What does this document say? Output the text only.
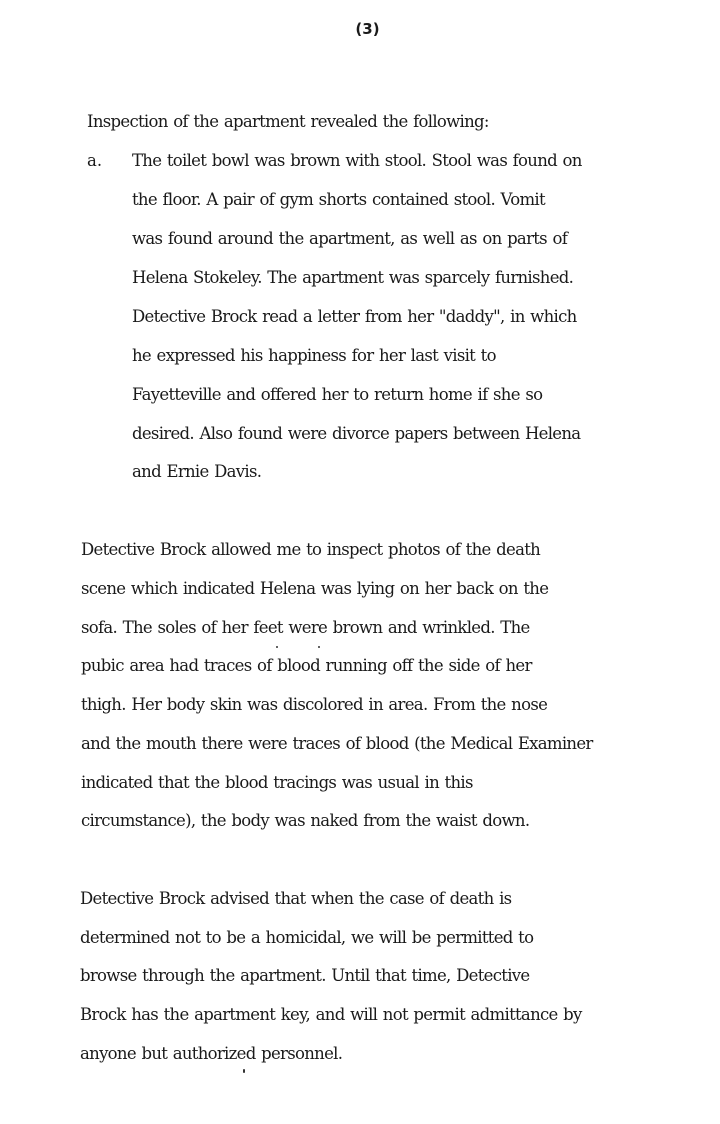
(3)
Inspection of the apartment revealed the following:
a. The toilet bowl was brown with stool. Stool was found on
the floor. A pair of gym shorts contained stool. Vomit
was found around the apartment, as well as on parts of
Helena Stokeley. The apartment was sparcely furnished.
Detective Brock read a letter from her "daddy", in which
he expressed his happiness for her last visit to
Fayetteville and offered her to return home if she so
desired. Also found were divorce papers between Helena
and Ernie Davis.
Detective Brock allowed me to inspect photos of the death
scene which indicated Helena was lying on her back on the
sofa. The soles of her feet were brown and wrinkled. The
pubic area had traces of blood running off the side of her
thigh. Her body skin was discolored in area. From the nose
and the mouth there were traces of blood (the Medical Examiner
indicated that the blood tracings was usual in this
circumstance), the body was naked from the waist down.
Detective Brock advised that when the case of death is
determined not to be a homicidal, we will be permitted to
browse through the apartment. Until that time, Detective
Brock has the apartment key, and will not permit admittance by
anyone but authorized personnel.
